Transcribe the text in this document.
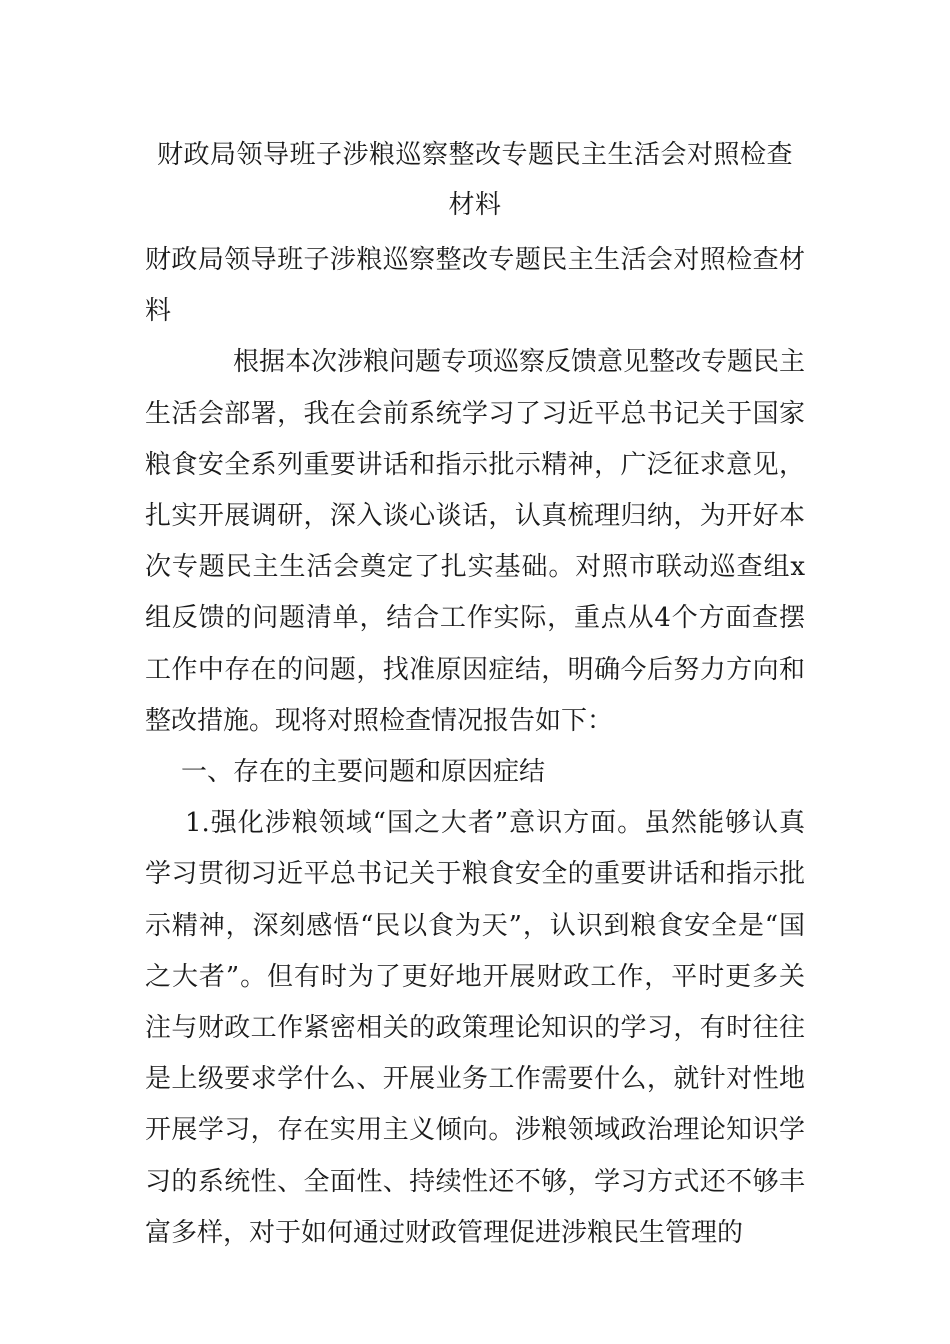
财政局领导班子涉粮巡察整改专题民主生活会对照检查材料

财政局领导班子涉粮巡察整改专题民主生活会对照检查材料

根据本次涉粮问题专项巡察反馈意见整改专题民主生活会部署，我在会前系统学习了习近平总书记关于国家粮食安全系列重要讲话和指示批示精神，广泛征求意见，扎实开展调研，深入谈心谈话，认真梳理归纳，为开好本次专题民主生活会奠定了扎实基础。对照市联动巡查组x组反馈的问题清单，结合工作实际，重点从4个方面查摆工作中存在的问题，找准原因症结，明确今后努力方向和整改措施。现将对照检查情况报告如下：

一、存在的主要问题和原因症结

1.强化涉粮领域“国之大者”意识方面。虽然能够认真学习贯彻习近平总书记关于粮食安全的重要讲话和指示批示精神，深刻感悟“民以食为天”，认识到粮食安全是“国之大者”。但有时为了更好地开展财政工作，平时更多关注与财政工作紧密相关的政策理论知识的学习，有时往往是上级要求学什么、开展业务工作需要什么，就针对性地开展学习，存在实用主义倾向。涉粮领域政治理论知识学习的系统性、全面性、持续性还不够，学习方式还不够丰富多样，对于如何通过财政管理促进涉粮民生管理的
